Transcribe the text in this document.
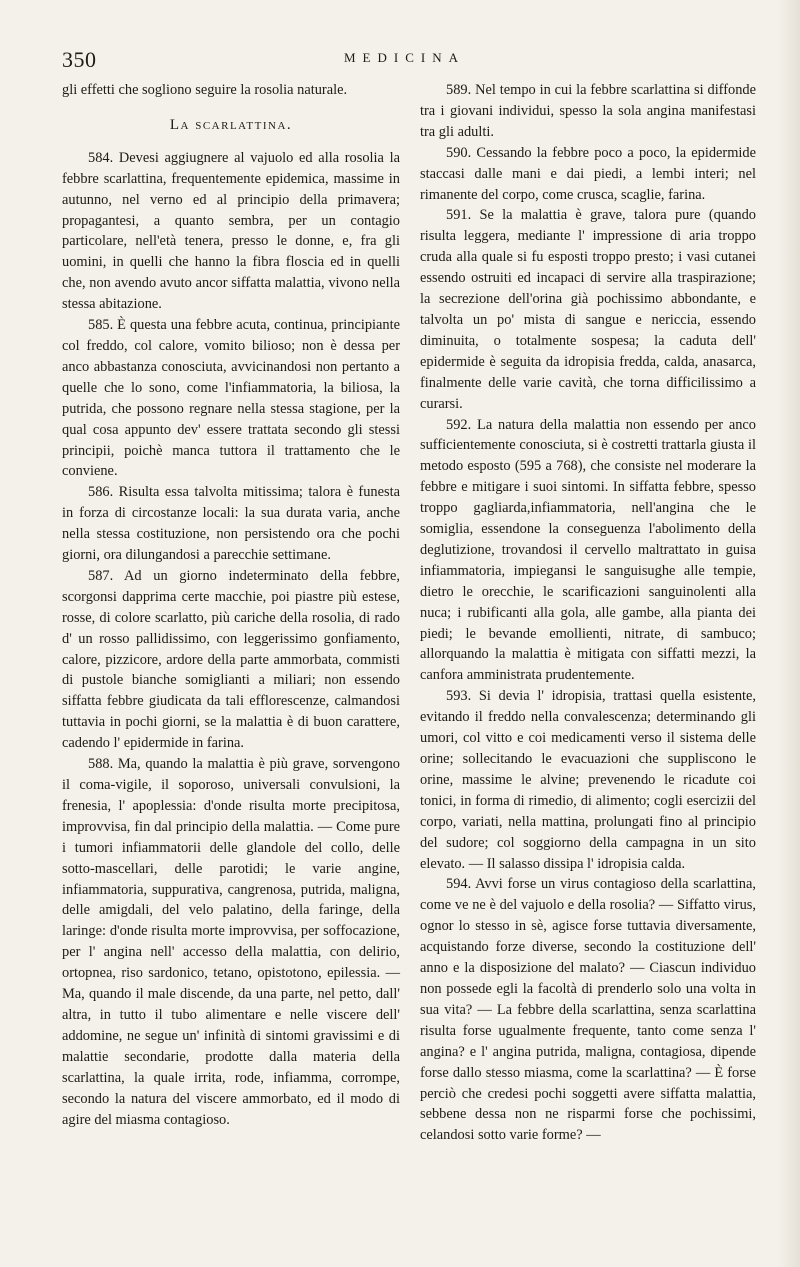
350	MEDICINA

gli effetti che sogliono seguire la rosolia naturale.

La scarlattina.

584. Devesi aggiugnere al vajuolo ed alla rosolia la febbre scarlattina, frequentemente epidemica, massime in autunno, nel verno ed al principio della primavera; propagantesi, a quanto sembra, per un contagio particolare, nell'età tenera, presso le donne, e, fra gli uomini, in quelli che hanno la fibra floscia ed in quelli che, non avendo avuto ancor siffatta malattia, vivono nella stessa abitazione.

585. È questa una febbre acuta, continua, principiante col freddo, col calore, vomito bilioso; non è dessa per anco abbastanza conosciuta, avvicinandosi non pertanto a quelle che lo sono, come l'infiammatoria, la biliosa, la putrida, che possono regnare nella stessa stagione, per la qual cosa appunto dev' essere trattata secondo gli stessi principii, poichè manca tuttora il trattamento che le conviene.

586. Risulta essa talvolta mitissima; talora è funesta in forza di circostanze locali: la sua durata varia, anche nella stessa costituzione, non persistendo ora che pochi giorni, ora dilungandosi a parecchie settimane.

587. Ad un giorno indeterminato della febbre, scorgonsi dapprima certe macchie, poi piastre più estese, rosse, di colore scarlatto, più cariche della rosolia, di rado d' un rosso pallidissimo, con leggerissimo gonfiamento, calore, pizzicore, ardore della parte ammorbata, commisti di pustole bianche somiglianti a miliari; non essendo siffatta febbre giudicata da tali efflorescenze, calmandosi tuttavia in pochi giorni, se la malattia è di buon carattere, cadendo l' epidermide in farina.

588. Ma, quando la malattia è più grave, sorvengono il coma-vigile, il soporoso, universali convulsioni, la frenesia, l' apoplessia: d'onde risulta morte precipitosa, improvvisa, fin dal principio della malattia. — Come pure i tumori infiammatorii delle glandole del collo, delle sotto-mascellari, delle parotidi; le varie angine, infiammatoria, suppurativa, cangrenosa, putrida, maligna, delle amigdali, del velo palatino, della faringe, della laringe: d'onde risulta morte improvvisa, per soffocazione, per l' angina nell' accesso della malattia, con delirio, ortopnea, riso sardonico, tetano, opistotono, epilessia. — Ma, quando il male discende, da una parte, nel petto, dall' altra, in tutto il tubo alimentare e nelle viscere dell' addomine, ne segue un' infinità di sintomi gravissimi e di malattie secondarie, prodotte dalla materia della scarlattina, la quale irrita, rode, infiamma, corrompe, secondo la natura del viscere ammorbato, ed il modo di agire del miasma contagioso.

589. Nel tempo in cui la febbre scarlattina si diffonde tra i giovani individui, spesso la sola angina manifestasi tra gli adulti.

590. Cessando la febbre poco a poco, la epidermide staccasi dalle mani e dai piedi, a lembi interi; nel rimanente del corpo, come crusca, scaglie, farina.

591. Se la malattia è grave, talora pure (quando risulta leggera, mediante l' impressione di aria troppo cruda alla quale si fu esposti troppo presto; i vasi cutanei essendo ostruiti ed incapaci di servire alla traspirazione; la secrezione dell'orina già pochissimo abbondante, e talvolta un po' mista di sangue e nericcia, essendo diminuita, o totalmente sospesa; la caduta dell' epidermide è seguita da idropisia fredda, calda, anasarca, finalmente delle varie cavità, che torna difficilissimo a curarsi.

592. La natura della malattia non essendo per anco sufficientemente conosciuta, si è costretti trattarla giusta il metodo esposto (595 a 768), che consiste nel moderare la febbre e mitigare i suoi sintomi. In siffatta febbre, spesso troppo gagliarda,infiammatoria, nell'angina che le somiglia, essendone la conseguenza l'abolimento della deglutizione, trovandosi il cervello maltrattato in guisa infiammatoria, impiegansi le sanguisughe alle tempie, dietro le orecchie, le scarificazioni sanguinolenti alla nuca; i rubificanti alla gola, alle gambe, alla pianta dei piedi; le bevande emollienti, nitrate, di sambuco; allorquando la malattia è mitigata con siffatti mezzi, la canfora amministrata prudentemente.

593. Si devia l' idropisia, trattasi quella esistente, evitando il freddo nella convalescenza; determinando gli umori, col vitto e coi medicamenti verso il sistema delle orine; sollecitando le evacuazioni che suppliscono le orine, massime le alvine; prevenendo le ricadute coi tonici, in forma di rimedio, di alimento; cogli esercizii del corpo, variati, nella mattina, prolungati fino al principio del sudore; col soggiorno della campagna in un sito elevato. — Il salasso dissipa l' idropisia calda.

594. Avvi forse un virus contagioso della scarlattina, come ve ne è del vajuolo e della rosolia? — Siffatto virus, ognor lo stesso in sè, agisce forse tuttavia diversamente, acquistando forze diverse, secondo la costituzione dell' anno e la disposizione del malato? — Ciascun individuo non possede egli la facoltà di prenderlo solo una volta in sua vita? — La febbre della scarlattina, senza scarlattina risulta forse ugualmente frequente, tanto come senza l' angina? e l' angina putrida, maligna, contagiosa, dipende forse dallo stesso miasma, come la scarlattina? — È forse perciò che credesi pochi soggetti avere siffatta malattia, sebbene dessa non ne risparmi forse che pochissimi, celandosi sotto varie forme? —
